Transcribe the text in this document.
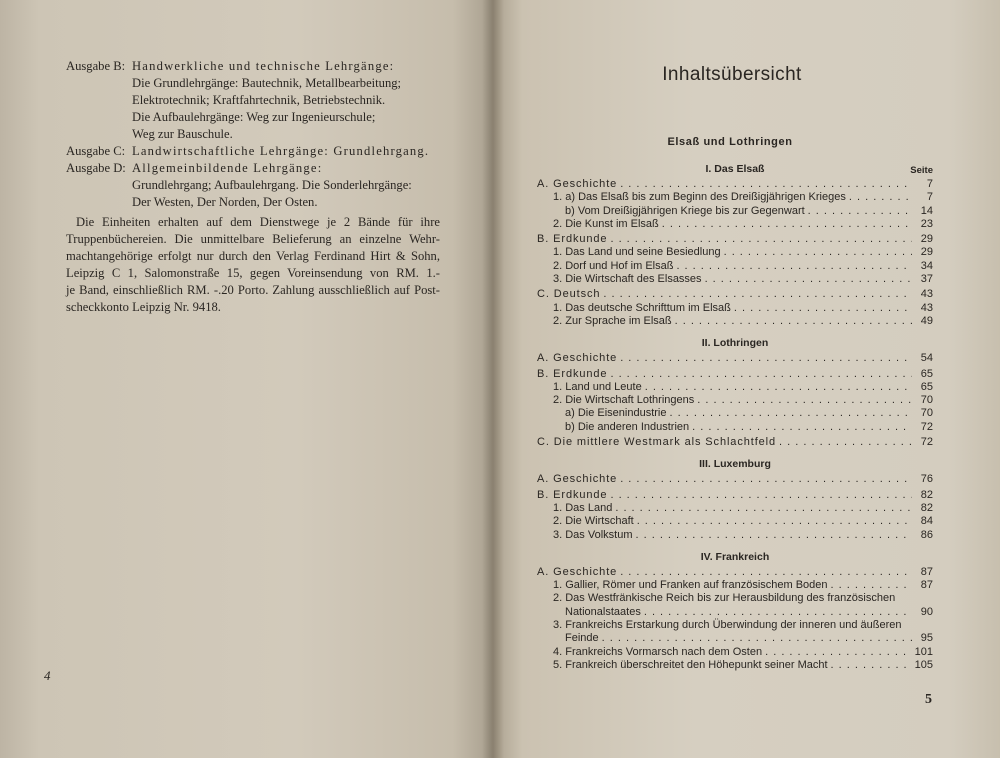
Ausgabe B: Handwerkliche und technische Lehrgänge:
Die Grundlehrgänge: Bautechnik, Metallbearbeitung;
Elektrotechnik; Kraftfahrtechnik, Betriebstechnik.
Die Aufbaulehrgänge: Weg zur Ingenieurschule;
Weg zur Bauschule.
Ausgabe C: Landwirtschaftliche Lehrgänge: Grundlehrgang.
Ausgabe D: Allgemeinbildende Lehrgänge:
Grundlehrgang; Aufbaulehrgang. Die Sonderlehrgänge:
Der Westen, Der Norden, Der Osten.
Die Einheiten erhalten auf dem Dienstwege je 2 Bände für ihre
Truppenbüchereien. Die unmittelbare Belieferung an einzelne Wehr-
machtangehörige erfolgt nur durch den Verlag Ferdinand Hirt & Sohn,
Leipzig C 1, Salomonstraße 15, gegen Voreinsendung von RM. 1.-
je Band, einschließlich RM. -.20 Porto. Zahlung ausschließlich auf Post-
scheckkonto Leipzig Nr. 9418.
4
Inhaltsübersicht
Elsaß und Lothringen
I. Das Elsaß	Seite
A. Geschichte . . .	7
1. a) Das Elsaß bis zum Beginn des Dreißigjährigen Krieges . . .	7
b) Vom Dreißigjährigen Kriege bis zur Gegenwart . . .	14
2. Die Kunst im Elsaß . . .	23
B. Erdkunde . . .	29
1. Das Land und seine Besiedlung . . .	29
2. Dorf und Hof im Elsaß . . .	34
3. Die Wirtschaft des Elsasses . . .	37
C. Deutsch . . .	43
1. Das deutsche Schrifttum im Elsaß . . .	43
2. Zur Sprache im Elsaß . . .	49
II. Lothringen
A. Geschichte . . .	54
B. Erdkunde . . .	65
1. Land und Leute . . .	65
2. Die Wirtschaft Lothringens . . .	70
a) Die Eisenindustrie . . .	70
b) Die anderen Industrien . . .	72
C. Die mittlere Westmark als Schlachtfeld . . .	72
III. Luxemburg
A. Geschichte . . .	76
B. Erdkunde . . .	82
1. Das Land . . .	82
2. Die Wirtschaft . . .	84
3. Das Volkstum . . .	86
IV. Frankreich
A. Geschichte . . .	87
1. Gallier, Römer und Franken auf französischem Boden . . .	87
2. Das Westfränkische Reich bis zur Herausbildung des französischen
Nationalstaates . . .	90
3. Frankreichs Erstarkung durch Überwindung der inneren und äußeren
Feinde . . .	95
4. Frankreichs Vormarsch nach dem Osten . . .	101
5. Frankreich überschreitet den Höhepunkt seiner Macht . . .	105
5
